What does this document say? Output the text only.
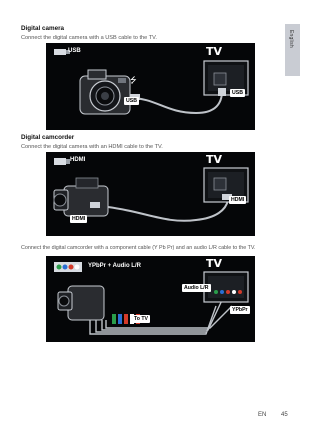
English
Digital camera
Connect the digital camera with a USB cable to the TV.
⭍
USB	TV
USB
USB
Digital camcorder
Connect the digital camera with an HDMI cable to the TV.
HDMI	TV
HDMI
HDMI
Connect the digital camcorder with a component cable (Y Pb Pr) and an audio L/R cable to the TV.
YPbPr + Audio L/R	TV
Audio L/R
YPbPr
To TV
EN 45
